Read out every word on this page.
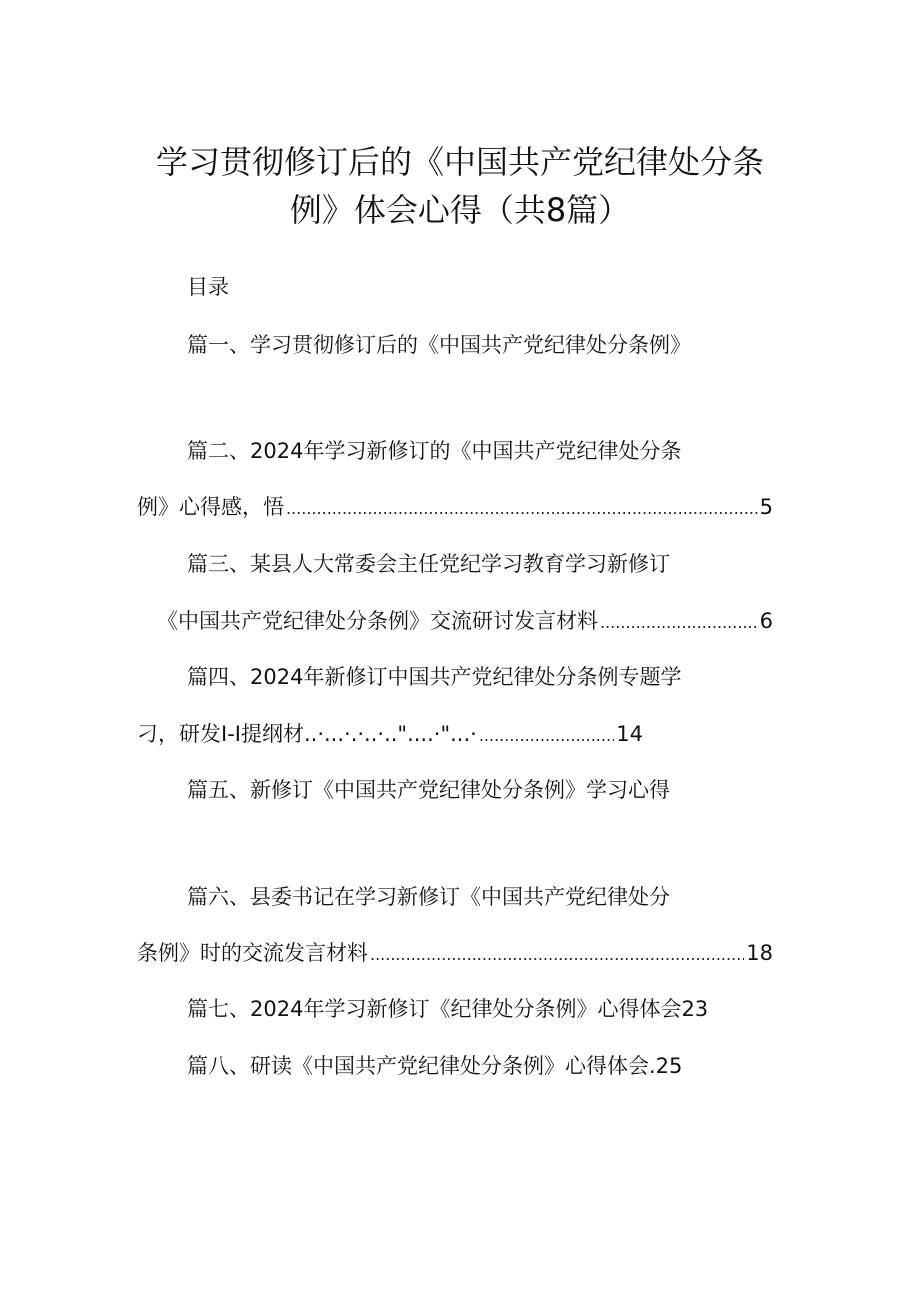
学习贯彻修订后的《中国共产党纪律处分条
例》体会心得（共8篇）
目录
篇一、学习贯彻修订后的《中国共产党纪律处分条例》
篇二、2024年学习新修订的《中国共产党纪律处分条
例》心得感，悟 .....	5
篇三、某县人大常委会主任党纪学习教育学习新修订
《中国共产党纪律处分条例》交流研讨发言材料 .....	6
篇四、2024年新修订中国共产党纪律处分条例专题学
刁，研发I-I提纲材..·...·.·..·.."....·"...· .....	14
篇五、新修订《中国共产党纪律处分条例》学习心得
篇六、县委书记在学习新修订《中国共产党纪律处分
条例》时的交流发言材料 .....	18
篇七、2024年学习新修订《纪律处分条例》心得体会23
篇八、研读《中国共产党纪律处分条例》心得体会.25
